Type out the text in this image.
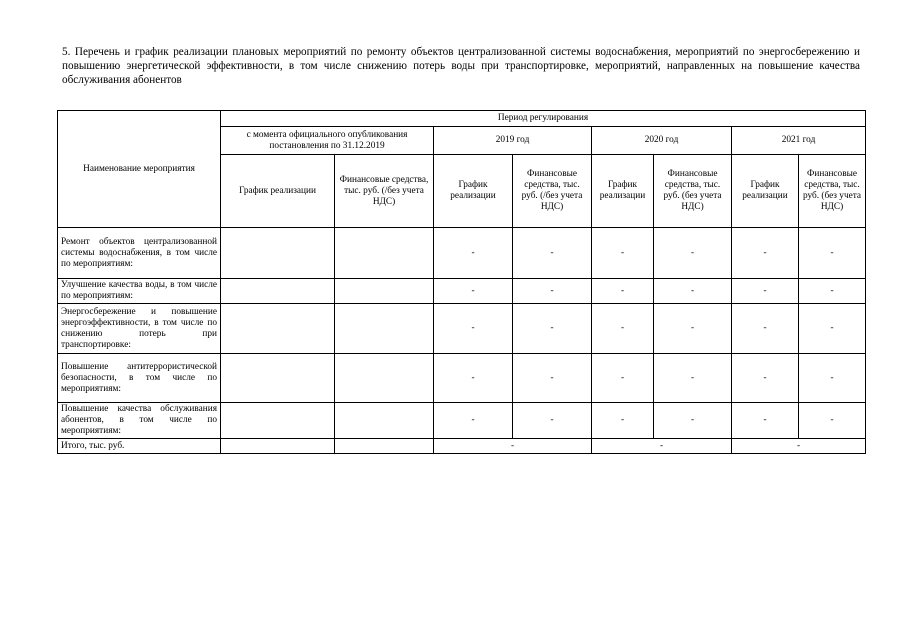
5. Перечень и график реализации плановых мероприятий по ремонту объектов централизованной системы водоснабжения, мероприятий по энергосбережению и повышению энергетической эффективности, в том числе снижению потерь воды при транспортировке, мероприятий, направленных на повышение качества обслуживания абонентов
Наименование мероприятия	Период регулирования							
	с момента официального опубликования постановления по 31.12.2019		2019 год		2020 год		2021 год	
	График реализации	Финансовые средства, тыс. руб. (/без учета НДС)	График реализации	Финансовые средства, тыс. руб. (/без учета НДС)	График реализации	Финансовые средства, тыс. руб. (без учета НДС)	График реализации	Финансовые средства, тыс. руб. (без учета НДС)
Ремонт объектов централизованной системы водоснабжения, в том числе по мероприятиям:			-	-	-	-	-	-
Улучшение качества воды, в том числе по мероприятиям:			-	-	-	-	-	-
Энергосбережение и повышение энергоэффективности, в том числе по снижению потерь при транспортировке:			-	-	-	-	-	-
Повышение антитеррористической безопасности, в том числе по мероприятиям:			-	-	-	-	-	-
Повышение качества обслуживания абонентов, в том числе по мероприятиям:			-	-	-	-	-	-
Итого, тыс. руб.			-		-		-	
